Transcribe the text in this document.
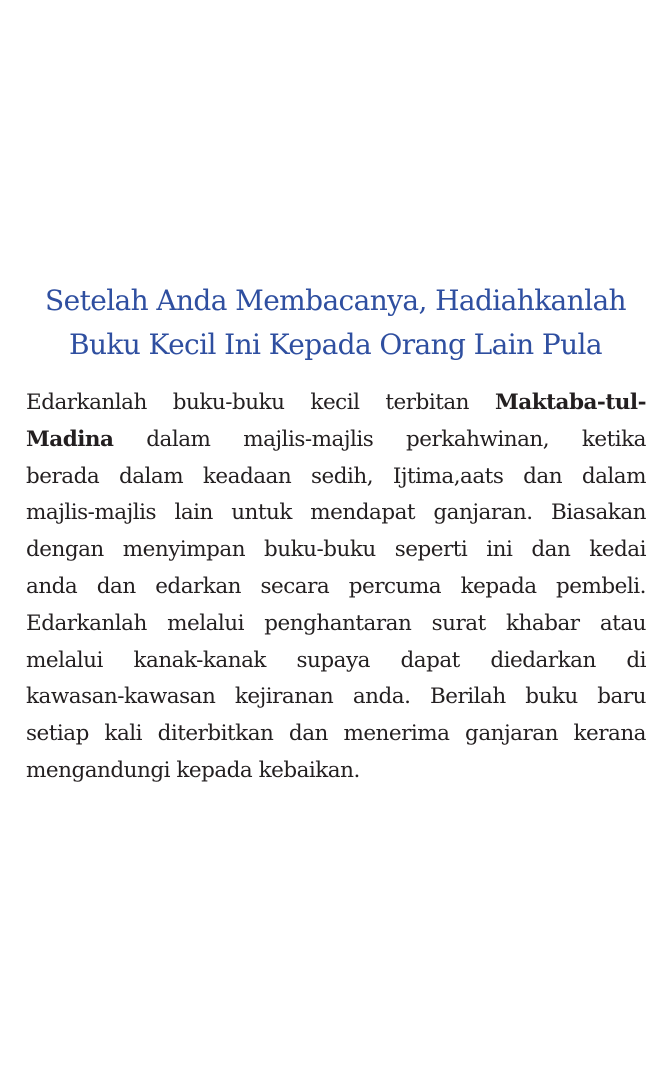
Setelah Anda Membacanya, Hadiahkanlah
Buku Kecil Ini Kepada Orang Lain Pula
Edarkanlah buku-buku kecil terbitan Maktaba-tul-
Madina dalam majlis-majlis perkahwinan, ketika
berada dalam keadaan sedih, Ijtima,aats dan dalam
majlis-majlis lain untuk mendapat ganjaran. Biasakan
dengan menyimpan buku-buku seperti ini dan kedai
anda dan edarkan secara percuma kepada pembeli.
Edarkanlah melalui penghantaran surat khabar atau
melalui kanak-kanak supaya dapat diedarkan di
kawasan-kawasan kejiranan anda. Berilah buku baru
setiap kali diterbitkan dan menerima ganjaran kerana
mengandungi kepada kebaikan.
